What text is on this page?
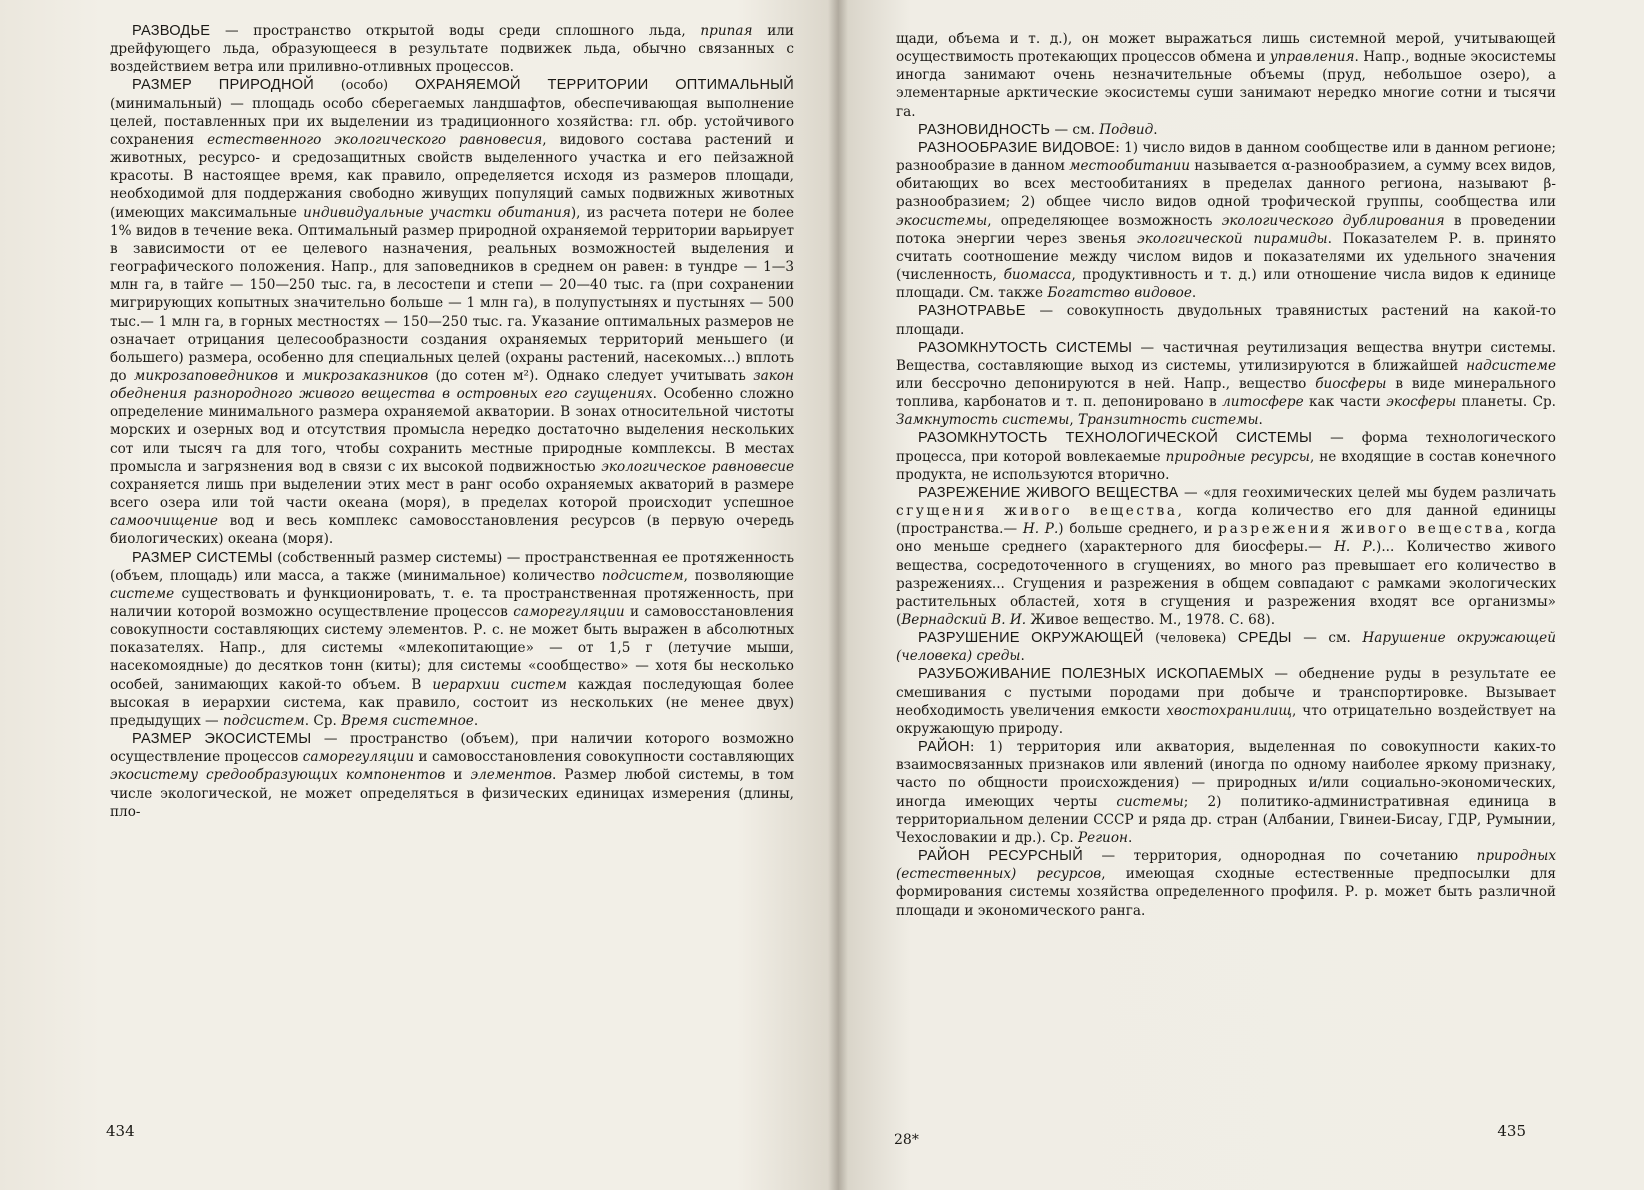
РАЗВОДЬЕ — пространство открытой воды среди сплошного льда, припая или дрейфующего льда, образующееся в результате подвижек льда, обычно связанных с воздействием ветра или приливно-отливных процессов.

РАЗМЕР ПРИРОДНОЙ (особо) ОХРАНЯЕМОЙ ТЕРРИТОРИИ ОПТИМАЛЬНЫЙ (минимальный) — площадь особо сберегаемых ландшафтов, обеспечивающая выполнение целей, поставленных при их выделении из традиционного хозяйства: гл. обр. устойчивого сохранения естественного экологического равновесия, видового состава растений и животных, ресурсо- и средозащитных свойств выделенного участка и его пейзажной красоты. В настоящее время, как правило, определяется исходя из размеров площади, необходимой для поддержания свободно живущих популяций самых подвижных животных (имеющих максимальные индивидуальные участки обитания), из расчета потери не более 1% видов в течение века. Оптимальный размер природной охраняемой территории варьирует в зависимости от ее целевого назначения, реальных возможностей выделения и географического положения. Напр., для заповедников в среднем он равен: в тундре — 1—3 млн га, в тайге — 150—250 тыс. га, в лесостепи и степи — 20—40 тыс. га (при сохранении мигрирующих копытных значительно больше — 1 млн га), в полупустынях и пустынях — 500 тыс.— 1 млн га, в горных местностях — 150—250 тыс. га. Указание оптимальных размеров не означает отрицания целесообразности создания охраняемых территорий меньшего (и большего) размера, особенно для специальных целей (охраны растений, насекомых...) вплоть до микрозаповедников и микрозаказников (до сотен м²). Однако следует учитывать закон обеднения разнородного живого вещества в островных его сгущениях. Особенно сложно определение минимального размера охраняемой акватории. В зонах относительной чистоты морских и озерных вод и отсутствия промысла нередко достаточно выделения нескольких сот или тысяч га для того, чтобы сохранить местные природные комплексы. В местах промысла и загрязнения вод в связи с их высокой подвижностью экологическое равновесие сохраняется лишь при выделении этих мест в ранг особо охраняемых акваторий в размере всего озера или той части океана (моря), в пределах которой происходит успешное самоочищение вод и весь комплекс самовосстановления ресурсов (в первую очередь биологических) океана (моря).

РАЗМЕР СИСТЕМЫ (собственный размер системы) — пространственная ее протяженность (объем, площадь) или масса, а также (минимальное) количество подсистем, позволяющие системе существовать и функционировать, т. е. та пространственная протяженность, при наличии которой возможно осуществление процессов саморегуляции и самовосстановления совокупности составляющих систему элементов. Р. с. не может быть выражен в абсолютных показателях. Напр., для системы «млекопитающие» — от 1,5 г (летучие мыши, насекомоядные) до десятков тонн (киты); для системы «сообщество» — хотя бы несколько особей, занимающих какой-то объем. В иерархии систем каждая последующая более высокая в иерархии система, как правило, состоит из нескольких (не менее двух) предыдущих — подсистем. Ср. Время системное.

РАЗМЕР ЭКОСИСТЕМЫ — пространство (объем), при наличии которого возможно осуществление процессов саморегуляции и самовосстановления совокупности составляющих экосистему средообразующих компонентов и элементов. Размер любой системы, в том числе экологической, не может определяться в физических единицах измерения (длины, пло-

434

щади, объема и т. д.), он может выражаться лишь системной мерой, учитывающей осуществимость протекающих процессов обмена и управления. Напр., водные экосистемы иногда занимают очень незначительные объемы (пруд, небольшое озеро), а элементарные арктические экосистемы суши занимают нередко многие сотни и тысячи га.

РАЗНОВИДНОСТЬ — см. Подвид.

РАЗНООБРАЗИЕ ВИДОВОЕ: 1) число видов в данном сообществе или в данном регионе; разнообразие в данном местообитании называется α-разнообразием, а сумму всех видов, обитающих во всех местообитаниях в пределах данного региона, называют β-разнообразием; 2) общее число видов одной трофической группы, сообщества или экосистемы, определяющее возможность экологического дублирования в проведении потока энергии через звенья экологической пирамиды. Показателем Р. в. принято считать соотношение между числом видов и показателями их удельного значения (численность, биомасса, продуктивность и т. д.) или отношение числа видов к единице площади. См. также Богатство видовое.

РАЗНОТРАВЬЕ — совокупность двудольных травянистых растений на какой-то площади.

РАЗОМКНУТОСТЬ СИСТЕМЫ — частичная реутилизация вещества внутри системы. Вещества, составляющие выход из системы, утилизируются в ближайшей надсистеме или бессрочно депонируются в ней. Напр., вещество биосферы в виде минерального топлива, карбонатов и т. п. депонировано в литосфере как части экосферы планеты. Ср. Замкнутость системы, Транзитность системы.

РАЗОМКНУТОСТЬ ТЕХНОЛОГИЧЕСКОЙ СИСТЕМЫ — форма технологического процесса, при которой вовлекаемые природные ресурсы, не входящие в состав конечного продукта, не используются вторично.

РАЗРЕЖЕНИЕ ЖИВОГО ВЕЩЕСТВА — «для геохимических целей мы будем различать сгущения живого вещества, когда количество его для данной единицы (пространства.— Н. Р.) больше среднего, и разрежения живого вещества, когда оно меньше среднего (характерного для биосферы.— Н. Р.)... Количество живого вещества, сосредоточенного в сгущениях, во много раз превышает его количество в разрежениях... Сгущения и разрежения в общем совпадают с рамками экологических растительных областей, хотя в сгущения и разрежения входят все организмы» (Вернадский В. И. Живое вещество. М., 1978. С. 68).

РАЗРУШЕНИЕ ОКРУЖАЮЩЕЙ (человека) СРЕДЫ — см. Нарушение окружающей (человека) среды.

РАЗУБОЖИВАНИЕ ПОЛЕЗНЫХ ИСКОПАЕМЫХ — обеднение руды в результате ее смешивания с пустыми породами при добыче и транспортировке. Вызывает необходимость увеличения емкости хвостохранилищ, что отрицательно воздействует на окружающую природу.

РАЙОН: 1) территория или акватория, выделенная по совокупности каких-то взаимосвязанных признаков или явлений (иногда по одному наиболее яркому признаку, часто по общности происхождения) — природных и/или социально-экономических, иногда имеющих черты системы; 2) политико-административная единица в территориальном делении СССР и ряда др. стран (Албании, Гвинеи-Бисау, ГДР, Румынии, Чехословакии и др.). Ср. Регион.

РАЙОН РЕСУРСНЫЙ — территория, однородная по сочетанию природных (естественных) ресурсов, имеющая сходные естественные предпосылки для формирования системы хозяйства определенного профиля. Р. р. может быть различной площади и экономического ранга.

28*	435
